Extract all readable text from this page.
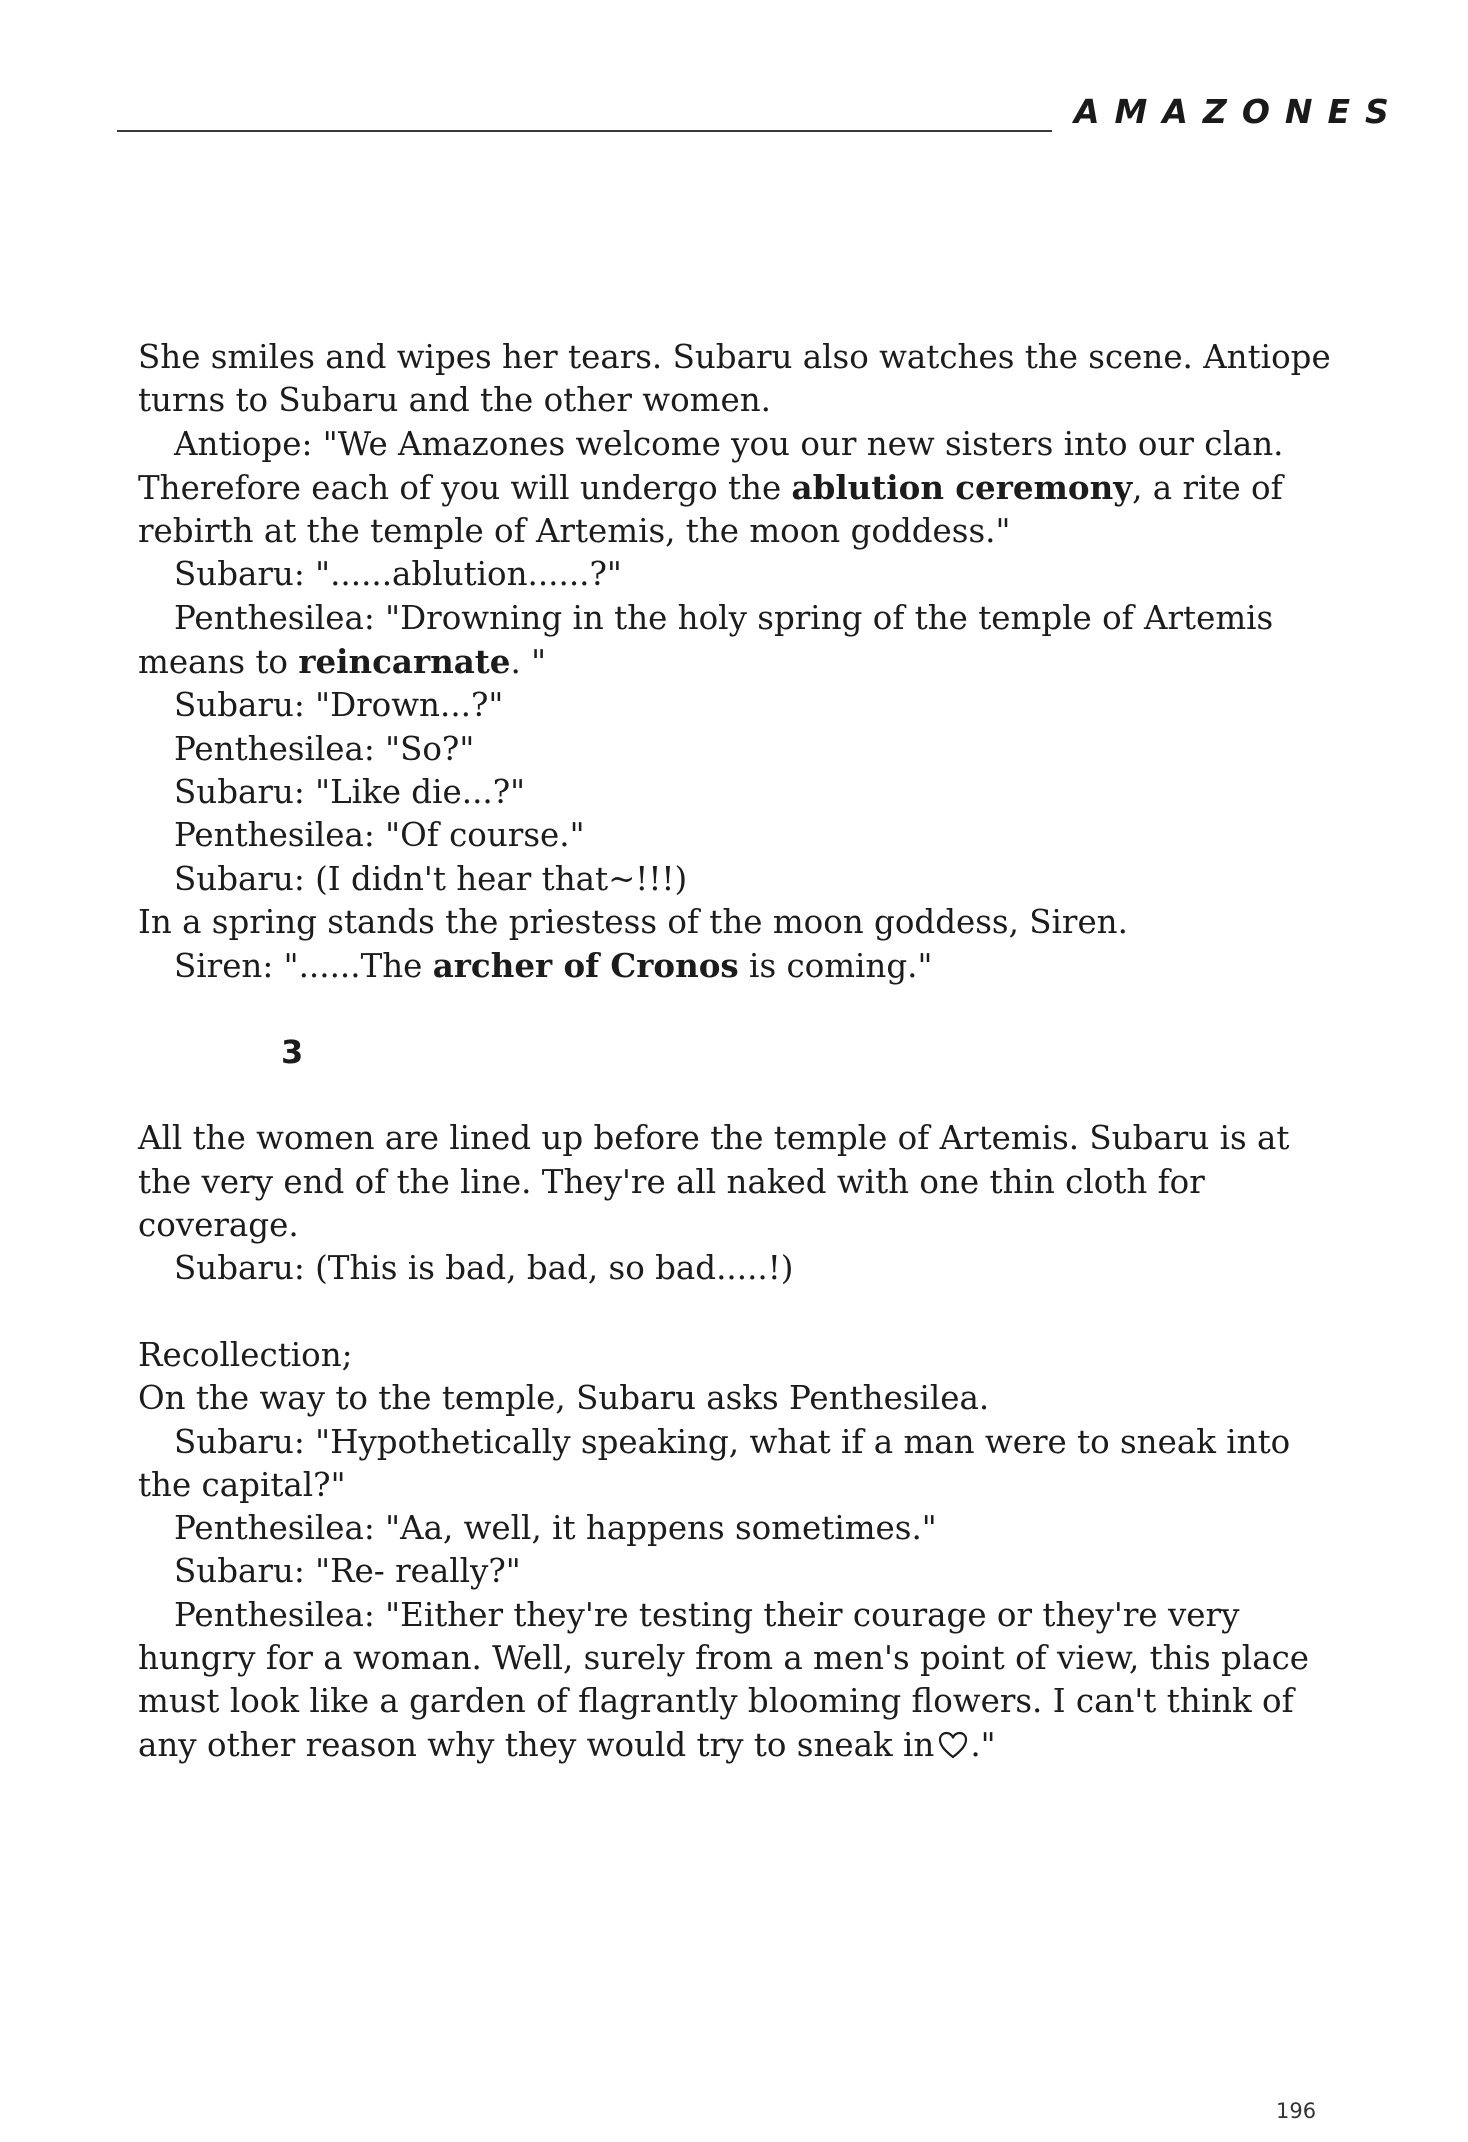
AMAZONES

She smiles and wipes her tears. Subaru also watches the scene. Antiope

turns to Subaru and the other women.

Antiope: "We Amazones welcome you our new sisters into our clan.

Therefore each of you will undergo the ablution ceremony, a rite of

rebirth at the temple of Artemis, the moon goddess."

Subaru: "......ablution......?"

Penthesilea: "Drowning in the holy spring of the temple of Artemis

means to reincarnate. "

Subaru: "Drown...?"

Penthesilea: "So?"

Subaru: "Like die...?"

Penthesilea: "Of course."

Subaru: (I didn't hear that~!!!)

In a spring stands the priestess of the moon goddess, Siren.

Siren: "......The archer of Cronos is coming."

3

All the women are lined up before the temple of Artemis. Subaru is at

the very end of the line. They're all naked with one thin cloth for

coverage.

Subaru: (This is bad, bad, so bad.....!)

Recollection;

On the way to the temple, Subaru asks Penthesilea.

Subaru: "Hypothetically speaking, what if a man were to sneak into

the capital?"

Penthesilea: "Aa, well, it happens sometimes."

Subaru: "Re- really?"

Penthesilea: "Either they're testing their courage or they're very

hungry for a woman. Well, surely from a men's point of view, this place

must look like a garden of flagrantly blooming flowers. I can't think of

any other reason why they would try to sneak in ."

196
